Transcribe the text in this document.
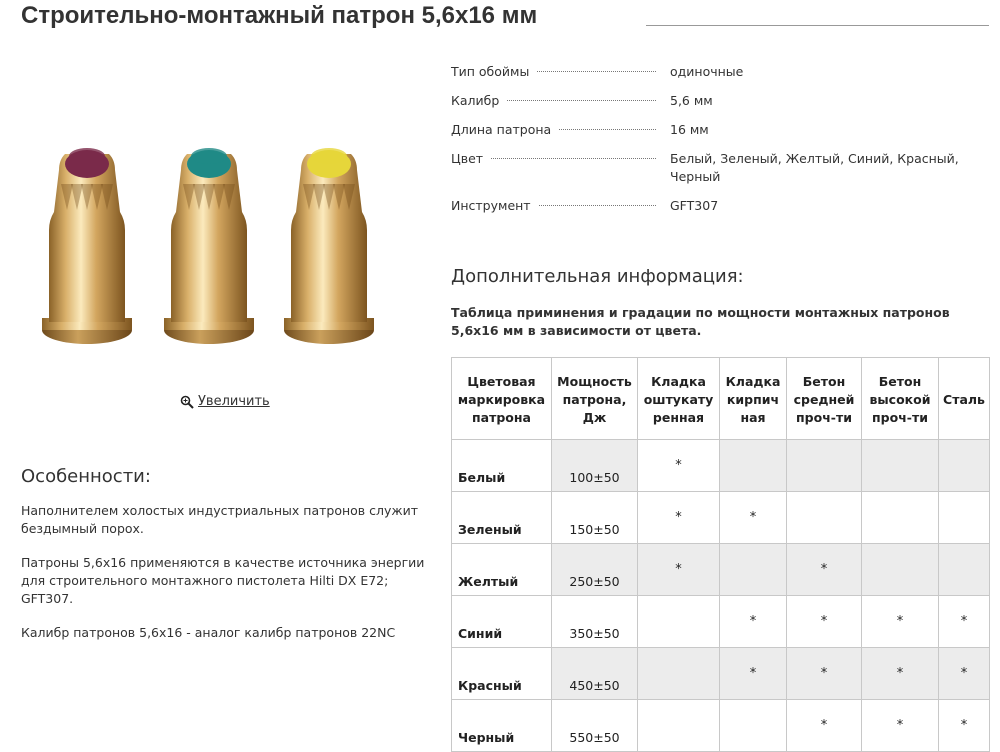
Строительно-монтажный патрон 5,6х16 мм
Увеличить
Особенности:

Наполнителем холостых индустриальных патронов служит бездымный порох.

Патроны 5,6х16 применяются в качестве источника энергии для строительного монтажного пистолета Hilti DX E72; GFT307.

Калибр патронов 5,6х16 - аналог калибр патронов 22NC

Тип обоймы	одиночные
Калибр	5,6 мм
Длина патрона	16 мм
Цвет	Белый, Зеленый, Желтый, Синий, Красный, Черный
Инструмент	GFT307
Дополнительная информация:
Таблица приминения и градации по мощности монтажных патронов 5,6х16 мм в зависимости от цвета.
Цветовая маркировка патрона	Мощность патрона, Дж	Кладка оштукату ренная	Кладка кирпич ная	Бетон средней проч-ти	Бетон высокой проч-ти	Сталь
Белый	100±50	*				
Зеленый	150±50	*	*			
Желтый	250±50	*		*		
Синий	350±50		*	*	*	*
Красный	450±50		*	*	*	*
Черный	550±50			*	*	*
